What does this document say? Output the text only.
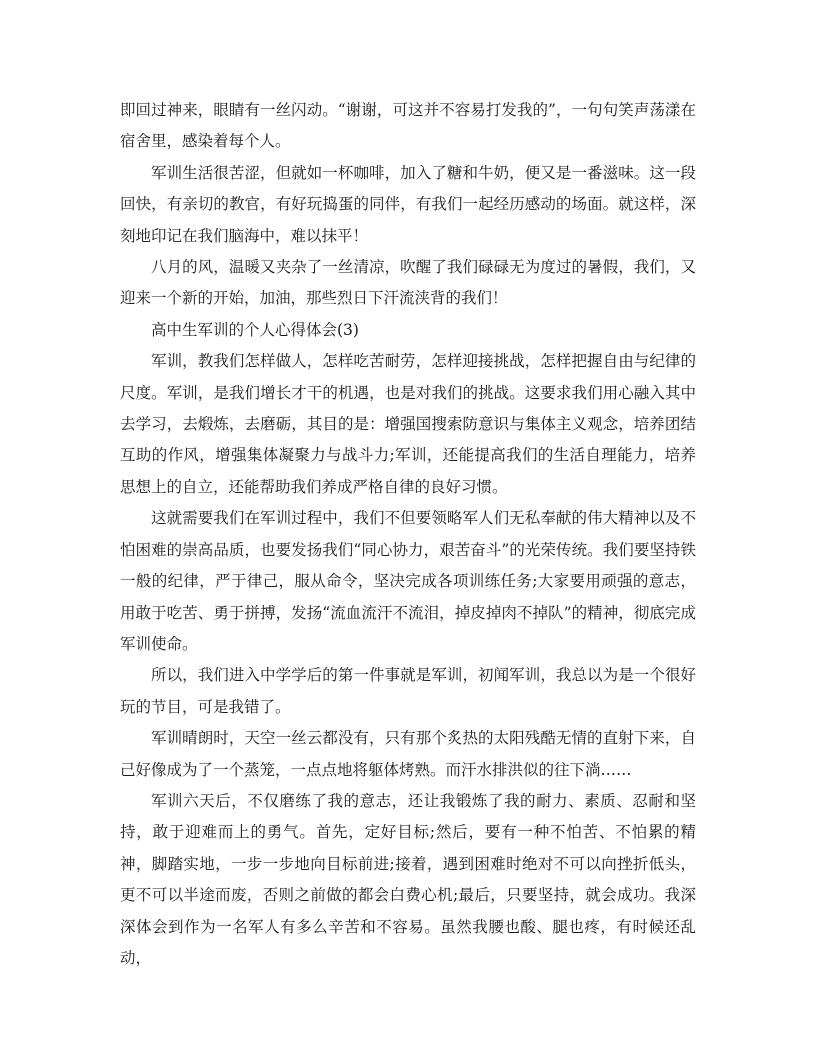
即回过神来，眼睛有一丝闪动。“谢谢，可这并不容易打发我的”，一句句笑声荡漾在宿舍里，感染着每个人。

军训生活很苦涩，但就如一杯咖啡，加入了糖和牛奶，便又是一番滋味。这一段回快，有亲切的教官，有好玩捣蛋的同伴，有我们一起经历感动的场面。就这样，深刻地印记在我们脑海中，难以抹平！

八月的风，温暖又夹杂了一丝清凉，吹醒了我们碌碌无为度过的暑假，我们，又迎来一个新的开始，加油，那些烈日下汗流浃背的我们！

高中生军训的个人心得体会(3)

军训，教我们怎样做人，怎样吃苦耐劳，怎样迎接挑战，怎样把握自由与纪律的尺度。军训，是我们增长才干的机遇，也是对我们的挑战。这要求我们用心融入其中去学习，去煅炼，去磨砺，其目的是：增强国搜索防意识与集体主义观念，培养团结互助的作风，增强集体凝聚力与战斗力;军训，还能提高我们的生活自理能力，培养思想上的自立，还能帮助我们养成严格自律的良好习惯。

这就需要我们在军训过程中，我们不但要领略军人们无私奉献的伟大精神以及不怕困难的崇高品质，也要发扬我们“同心协力，艰苦奋斗”的光荣传统。我们要坚持铁一般的纪律，严于律己，服从命令，坚决完成各项训练任务;大家要用顽强的意志，用敢于吃苦、勇于拼搏，发扬“流血流汗不流泪，掉皮掉肉不掉队”的精神，彻底完成军训使命。

所以，我们进入中学学后的第一件事就是军训，初闻军训，我总以为是一个很好玩的节目，可是我错了。

军训晴朗时，天空一丝云都没有，只有那个炙热的太阳残酷无情的直射下来，自己好像成为了一个蒸笼，一点点地将躯体烤熟。而汗水排洪似的往下淌……

军训六天后，不仅磨练了我的意志，还让我锻炼了我的耐力、素质、忍耐和坚持，敢于迎难而上的勇气。首先，定好目标;然后，要有一种不怕苦、不怕累的精神，脚踏实地，一步一步地向目标前进;接着，遇到困难时绝对不可以向挫折低头，更不可以半途而废，否则之前做的都会白费心机;最后，只要坚持，就会成功。我深深体会到作为一名军人有多么辛苦和不容易。虽然我腰也酸、腿也疼，有时候还乱动，
